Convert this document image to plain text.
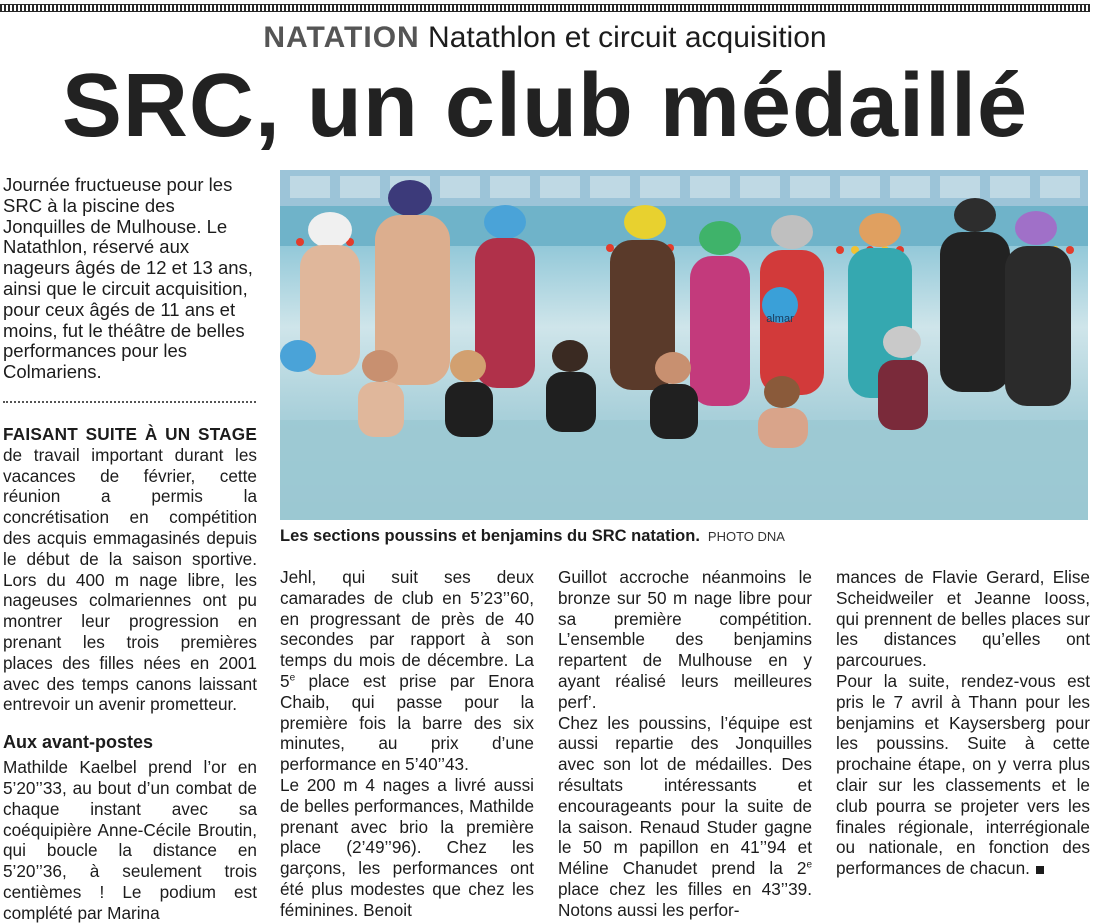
NATATION Natathlon et circuit acquisition
SRC, un club médaillé

Journée fructueuse pour les SRC à la piscine des Jonquilles de Mulhouse. Le Natathlon, réservé aux nageurs âgés de 12 et 13 ans, ainsi que le circuit acquisition, pour ceux âgés de 11 ans et moins, fut le théâtre de belles performances pour les Colmariens.

FAISANT SUITE À UN STAGE de travail important durant les vacances de février, cette réunion a permis la concrétisation en compétition des acquis emmagasinés depuis le début de la saison sportive. Lors du 400 m nage libre, les nageuses colmariennes ont pu montrer leur progression en prenant les trois premières places des filles nées en 2001 avec des temps canons laissant entrevoir un avenir prometteur.

Aux avant-postes

Mathilde Kaelbel prend l’or en 5’20’’33, au bout d’un combat de chaque instant avec sa coéquipière Anne-Cécile Broutin, qui boucle la distance en 5’20’’36, à seulement trois centièmes ! Le podium est complété par Marina

almar
Les sections poussins et benjamins du SRC natation. PHOTO DNA

Jehl, qui suit ses deux camarades de club en 5’23’’60, en progressant de près de 40 secondes par rapport à son temps du mois de décembre. La 5e place est prise par Enora Chaib, qui passe pour la première fois la barre des six minutes, au prix d’une performance en 5’40’’43.

Le 200 m 4 nages a livré aussi de belles performances, Mathilde prenant avec brio la première place (2’49’’96). Chez les garçons, les performances ont été plus modestes que chez les féminines. Benoit

Guillot accroche néanmoins le bronze sur 50 m nage libre pour sa première compétition. L’ensemble des benjamins repartent de Mulhouse en y ayant réalisé leurs meilleures perf’.

Chez les poussins, l’équipe est aussi repartie des Jonquilles avec son lot de médailles. Des résultats intéressants et encourageants pour la suite de la saison. Renaud Studer gagne le 50 m papillon en 41’’94 et Méline Chanudet prend la 2e place chez les filles en 43’’39. Notons aussi les perfor-

mances de Flavie Gerard, Elise Scheidweiler et Jeanne Iooss, qui prennent de belles places sur les distances qu’elles ont parcourues.

Pour la suite, rendez-vous est pris le 7 avril à Thann pour les benjamins et Kaysersberg pour les poussins. Suite à cette prochaine étape, on y verra plus clair sur les classements et le club pourra se projeter vers les finales régionale, interrégionale ou nationale, en fonction des performances de chacun.
